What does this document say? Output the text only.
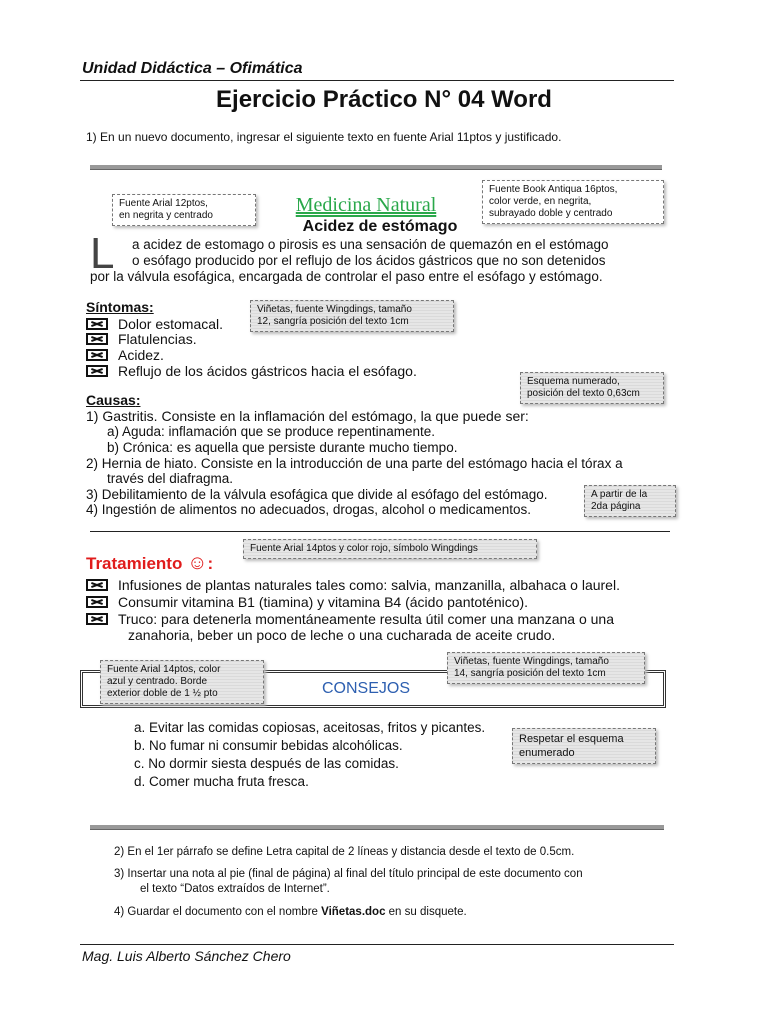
Unidad Didáctica – Ofimática
Ejercicio Práctico N° 04 Word
1) En un nuevo documento, ingresar el siguiente texto en fuente Arial 11ptos y justificado.
Fuente Arial 12ptos,
en negrita y centrado
Fuente Book Antiqua 16ptos,
color verde, en negrita,
subrayado doble y centrado
Medicina Natural
Acidez de estómago
L a acidez de estomago o pirosis es una sensación de quemazón en el estómago
o esófago producido por el reflujo de los ácidos gástricos que no son detenidos
por la válvula esofágica, encargada de controlar el paso entre el esófago y estómago.
Síntomas:	Viñetas, fuente Wingdings, tamaño
12, sangría posición del texto 1cm
Dolor estomacal.
Flatulencias.
Acidez.
Reflujo de los ácidos gástricos hacia el esófago.
Esquema numerado,
posición del texto 0,63cm
Causas:
1) Gastritis. Consiste en la inflamación del estómago, la que puede ser:
a) Aguda: inflamación que se produce repentinamente.
b) Crónica: es aquella que persiste durante mucho tiempo.
2) Hernia de hiato. Consiste en la introducción de una parte del estómago hacia el tórax a
través del diafragma.
3) Debilitamiento de la válvula esofágica que divide al esófago del estómago.
4) Ingestión de alimentos no adecuados, drogas, alcohol o medicamentos.
A partir de la
2da página
Tratamiento ☺:
Fuente Arial 14ptos y color rojo, símbolo Wingdings
Infusiones de plantas naturales tales como: salvia, manzanilla, albahaca o laurel.
Consumir vitamina B1 (tiamina) y vitamina B4 (ácido pantoténico).
Truco: para detenerla momentáneamente resulta útil comer una manzana o una
zanahoria, beber un poco de leche o una cucharada de aceite crudo.
CONSEJOS
Fuente Arial 14ptos, color
azul y centrado. Borde
exterior doble de 1 ½ pto
Viñetas, fuente Wingdings, tamaño
14, sangría posición del texto 1cm
a. Evitar las comidas copiosas, aceitosas, fritos y picantes.
b. No fumar ni consumir bebidas alcohólicas.
c. No dormir siesta después de las comidas.
d. Comer mucha fruta fresca.
Respetar el esquema
enumerado
2) En el 1er párrafo se define Letra capital de 2 líneas y distancia desde el texto de 0.5cm.
3) Insertar una nota al pie (final de página) al final del título principal de este documento con
el texto “Datos extraídos de Internet”.
4) Guardar el documento con el nombre Viñetas.doc en su disquete.
Mag. Luis Alberto Sánchez Chero
